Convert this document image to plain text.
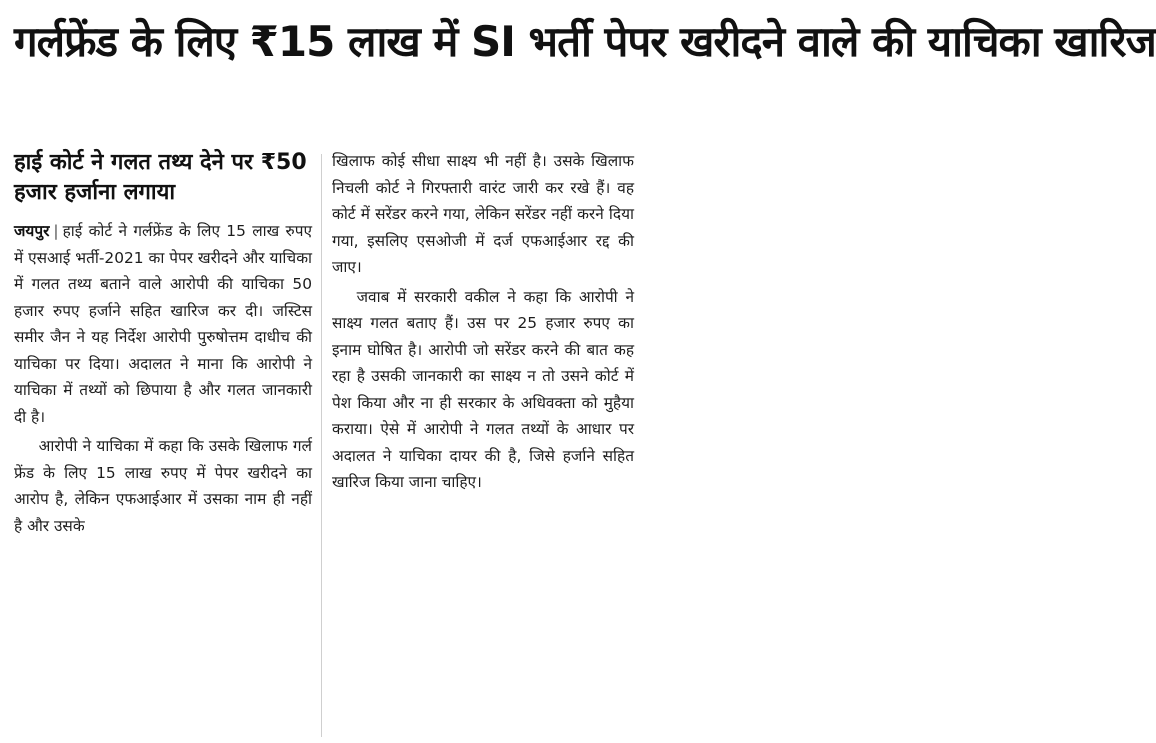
गर्लफ्रेंड के लिए ₹15 लाख में SI भर्ती पेपर खरीदने वाले की याचिका खारिज
हाई कोर्ट ने गलत तथ्य देने पर ₹50 हजार हर्जाना लगाया

जयपुर | हाई कोर्ट ने गर्लफ्रेंड के लिए 15 लाख रुपए में एसआई भर्ती-2021 का पेपर खरीदने और याचिका में गलत तथ्य बताने वाले आरोपी की याचिका 50 हजार रुपए हर्जाने सहित खारिज कर दी। जस्टिस समीर जैन ने यह निर्देश आरोपी पुरुषोत्तम दाधीच की याचिका पर दिया। अदालत ने माना कि आरोपी ने याचिका में तथ्यों को छिपाया है और गलत जानकारी दी है।

आरोपी ने याचिका में कहा कि उसके खिलाफ गर्ल फ्रेंड के लिए 15 लाख रुपए में पेपर खरीदने का आरोप है, लेकिन एफआईआर में उसका नाम ही नहीं है और उसके

खिलाफ कोई सीधा साक्ष्य भी नहीं है। उसके खिलाफ निचली कोर्ट ने गिरफ्तारी वारंट जारी कर रखे हैं। वह कोर्ट में सरेंडर करने गया, लेकिन सरेंडर नहीं करने दिया गया, इसलिए एसओजी में दर्ज एफआईआर रद्द की जाए।

जवाब में सरकारी वकील ने कहा कि आरोपी ने साक्ष्य गलत बताए हैं। उस पर 25 हजार रुपए का इनाम घोषित है। आरोपी जो सरेंडर करने की बात कह रहा है उसकी जानकारी का साक्ष्य न तो उसने कोर्ट में पेश किया और ना ही सरकार के अधिवक्ता को मुहैया कराया। ऐसे में आरोपी ने गलत तथ्यों के आधार पर अदालत ने याचिका दायर की है, जिसे हर्जाने सहित खारिज किया जाना चाहिए।
